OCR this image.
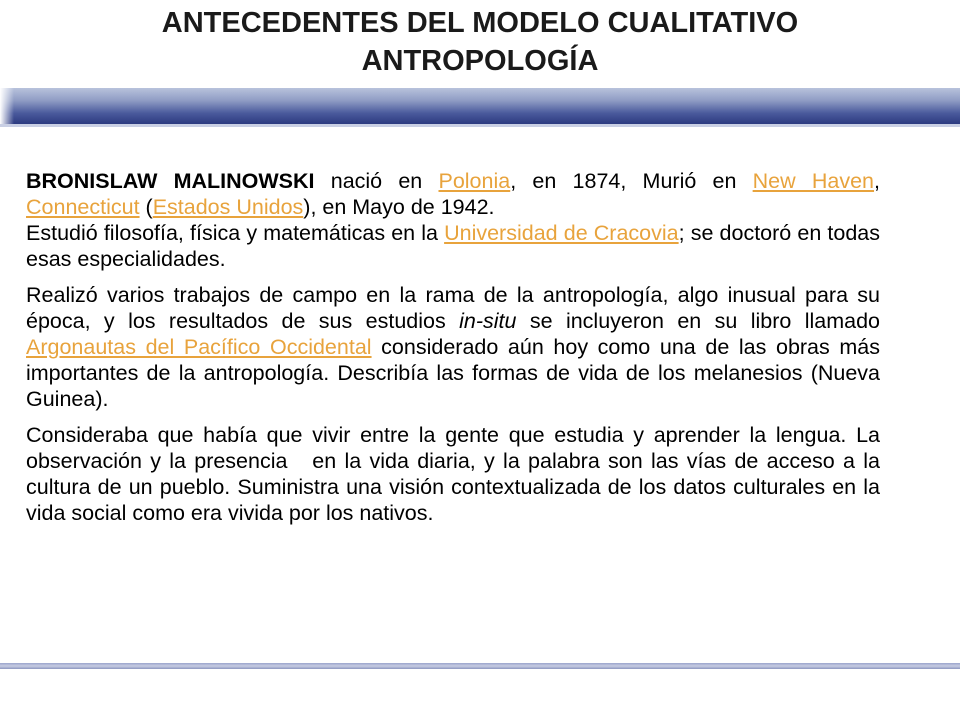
ANTECEDENTES DEL MODELO CUALITATIVO
ANTROPOLOGÍA

BRONISLAW MALINOWSKI nació en Polonia, en 1874, Murió en New Haven, Connecticut (Estados Unidos), en Mayo de 1942.

Estudió filosofía, física y matemáticas en la Universidad de Cracovia; se doctoró en todas esas especialidades.

Realizó varios trabajos de campo en la rama de la antropología, algo inusual para su época, y los resultados de sus estudios in-situ se incluyeron en su libro llamado Argonautas del Pacífico Occidental considerado aún hoy como una de las obras más importantes de la antropología. Describía las formas de vida de los melanesios (Nueva Guinea).

Consideraba que había que vivir entre la gente que estudia y aprender la lengua. La observación y la presencia   en la vida diaria, y la palabra son las vías de acceso a la cultura de un pueblo. Suministra una visión contextualizada de los datos culturales en la vida social como era vivida por los nativos.
